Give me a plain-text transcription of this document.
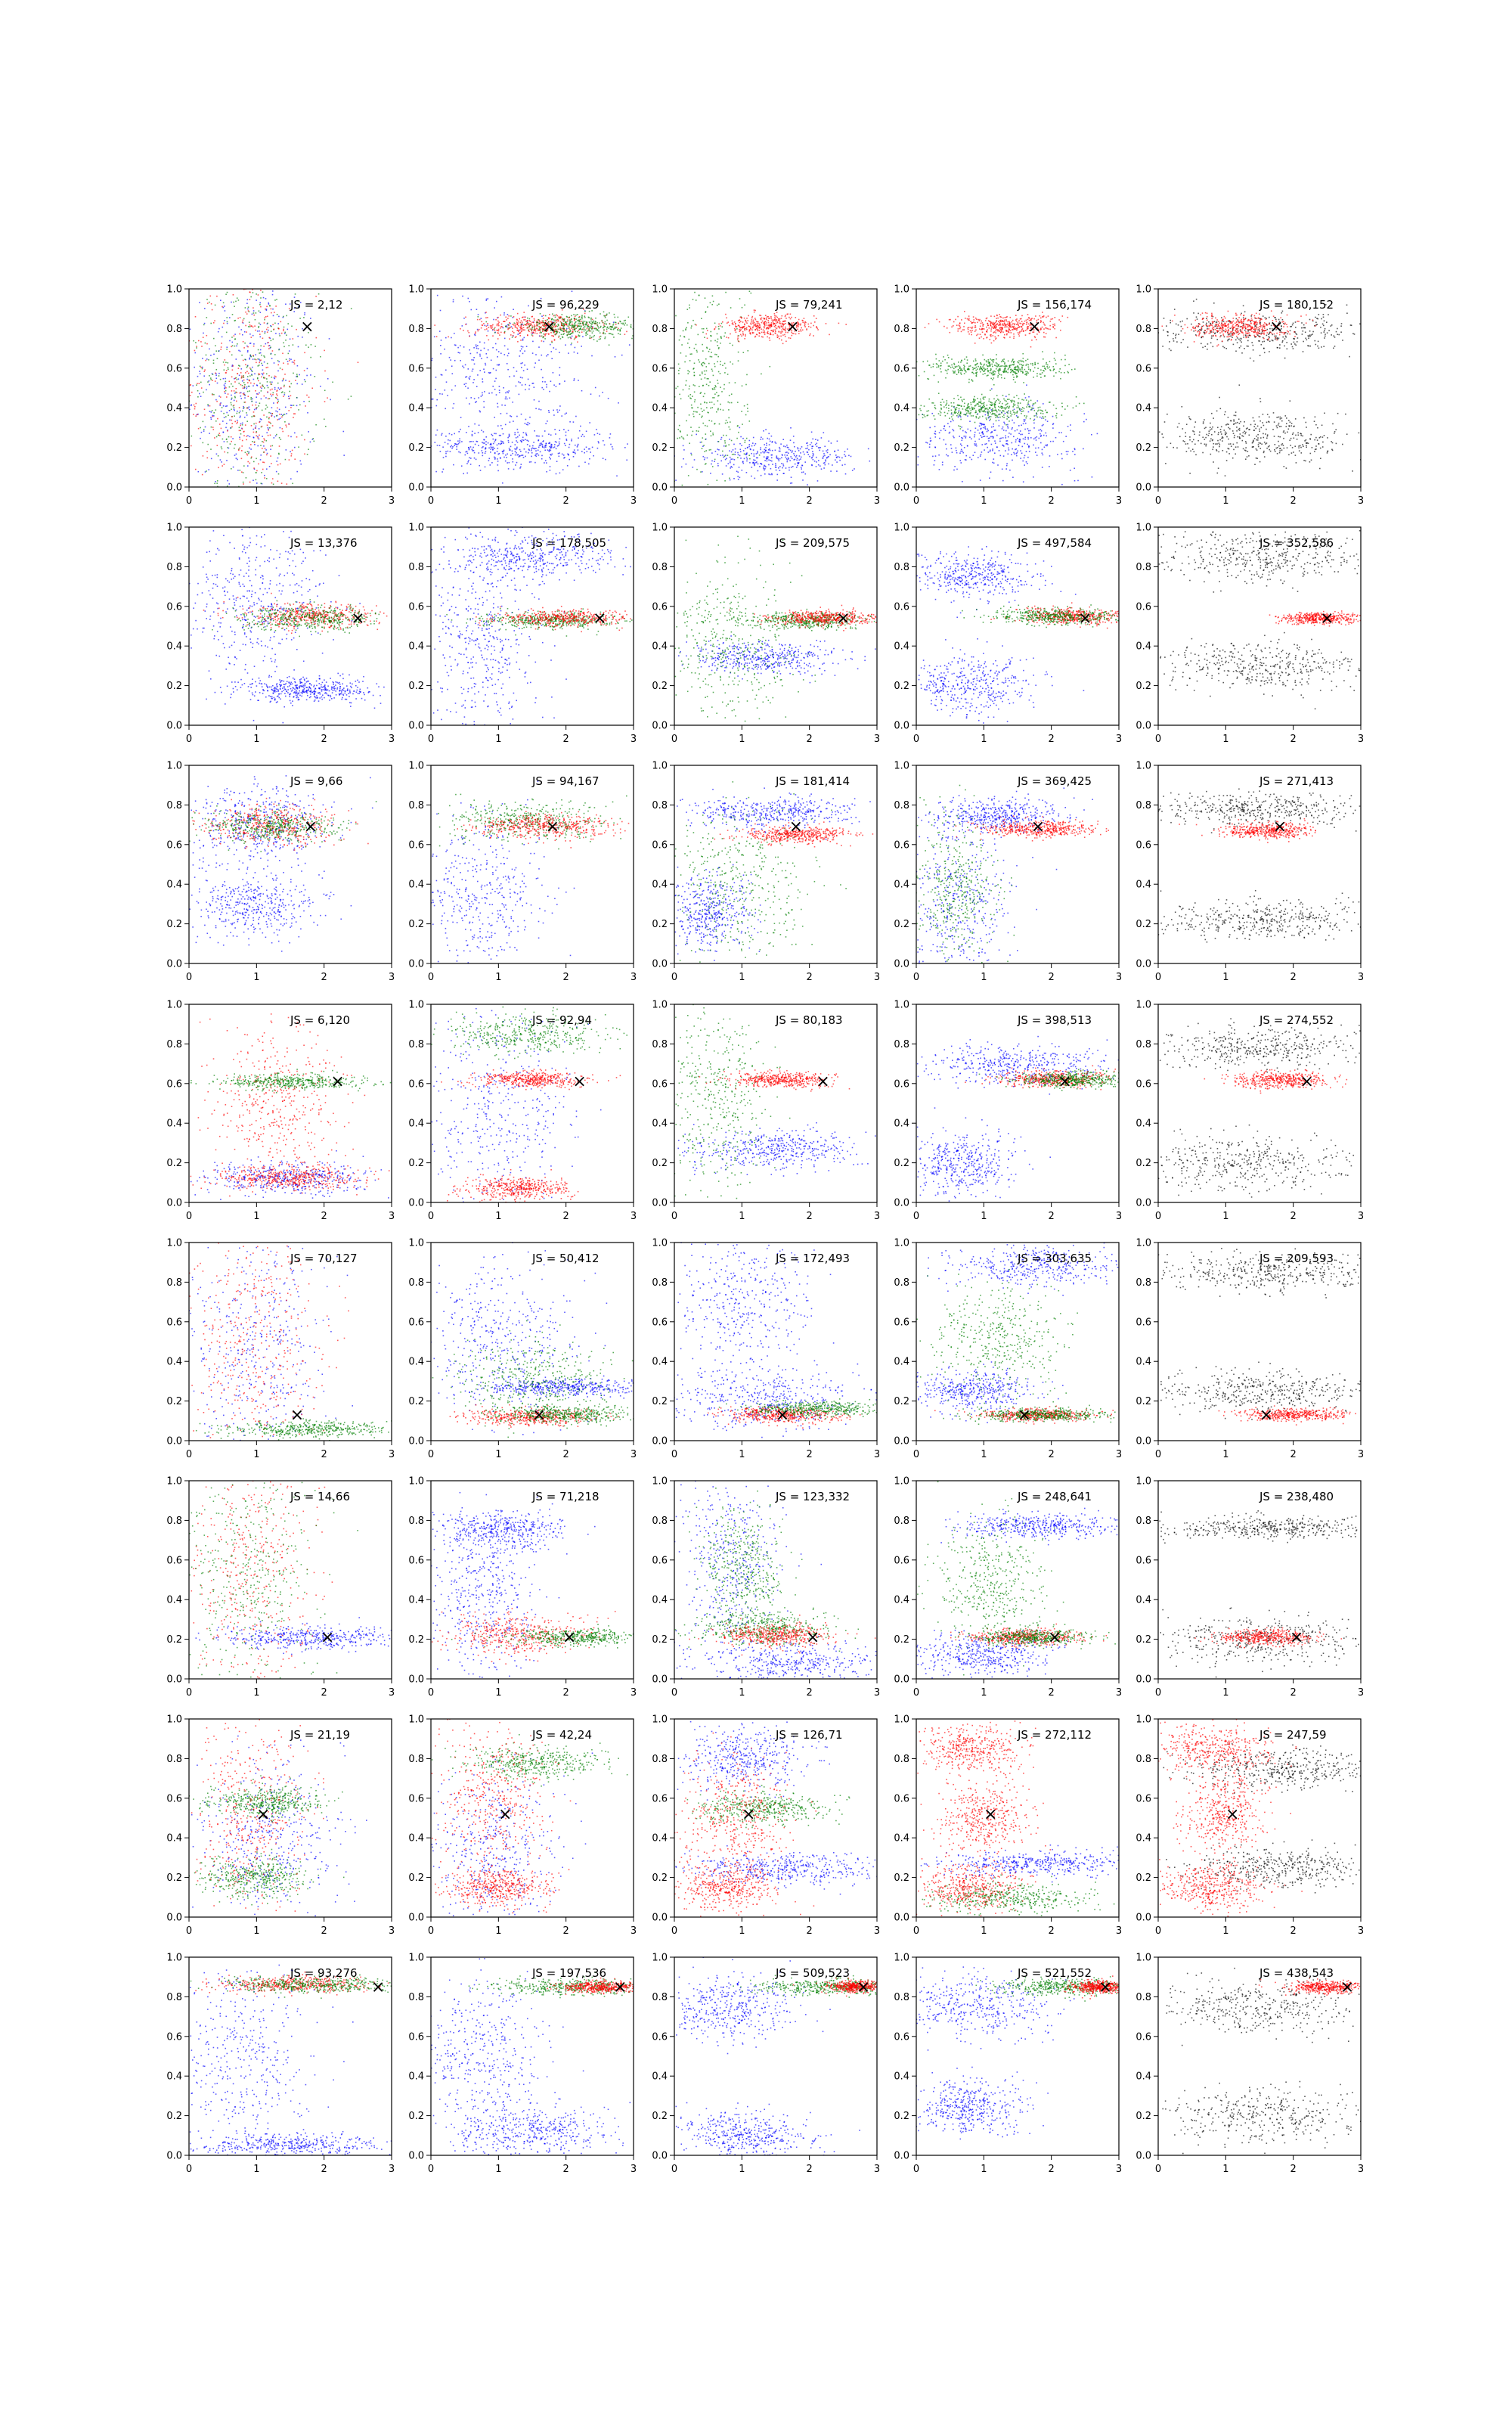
0	1	2	3
0.0
0.2
0.4
0.6
0.8
1.0
×
JS = 2,12
0	1	2	3
0.0
0.2
0.4
0.6
0.8
1.0
×
JS = 96,229
0	1	2	3
0.0
0.2
0.4
0.6
0.8
1.0
×
JS = 79,241
0	1	2	3
0.0
0.2
0.4
0.6
0.8
1.0
×
JS = 156,174
0	1	2	3
0.0
0.2
0.4
0.6
0.8
1.0
×
JS = 180,152
0	1	2	3
0.0
0.2
0.4
0.6
0.8
1.0
×
JS = 13,376
0	1	2	3
0.0
0.2
0.4
0.6
0.8
1.0
×
JS = 178,505
0	1	2	3
0.0
0.2
0.4
0.6
0.8
1.0
×
JS = 209,575
0	1	2	3
0.0
0.2
0.4
0.6
0.8
1.0
×
JS = 497,584
0	1	2	3
0.0
0.2
0.4
0.6
0.8
1.0
×
JS = 352,586
0	1	2	3
0.0
0.2
0.4
0.6
0.8
1.0
×
JS = 9,66
0	1	2	3
0.0
0.2
0.4
0.6
0.8
1.0
×
JS = 94,167
0	1	2	3
0.0
0.2
0.4
0.6
0.8
1.0
×
JS = 181,414
0	1	2	3
0.0
0.2
0.4
0.6
0.8
1.0
×
JS = 369,425
0	1	2	3
0.0
0.2
0.4
0.6
0.8
1.0
×
JS = 271,413
0	1	2	3
0.0
0.2
0.4
0.6
0.8
1.0
×
JS = 6,120
0	1	2	3
0.0
0.2
0.4
0.6
0.8
1.0
×
JS = 92,94
0	1	2	3
0.0
0.2
0.4
0.6
0.8
1.0
×
JS = 80,183
0	1	2	3
0.0
0.2
0.4
0.6
0.8
1.0
×
JS = 398,513
0	1	2	3
0.0
0.2
0.4
0.6
0.8
1.0
×
JS = 274,552
0	1	2	3
0.0
0.2
0.4
0.6
0.8
1.0
×
JS = 70,127
0	1	2	3
0.0
0.2
0.4
0.6
0.8
1.0
×
JS = 50,412
0	1	2	3
0.0
0.2
0.4
0.6
0.8
1.0
×
JS = 172,493
0	1	2	3
0.0
0.2
0.4
0.6
0.8
1.0
×
JS = 303,635
0	1	2	3
0.0
0.2
0.4
0.6
0.8
1.0
×
JS = 209,593
0	1	2	3
0.0
0.2
0.4
0.6
0.8
1.0
×
JS = 14,66
0	1	2	3
0.0
0.2
0.4
0.6
0.8
1.0
×
JS = 71,218
0	1	2	3
0.0
0.2
0.4
0.6
0.8
1.0
×
JS = 123,332
0	1	2	3
0.0
0.2
0.4
0.6
0.8
1.0
×
JS = 248,641
0	1	2	3
0.0
0.2
0.4
0.6
0.8
1.0
×
JS = 238,480
0	1	2	3
0.0
0.2
0.4
0.6
0.8
1.0
×
JS = 21,19
0	1	2	3
0.0
0.2
0.4
0.6
0.8
1.0
×
JS = 42,24
0	1	2	3
0.0
0.2
0.4
0.6
0.8
1.0
×
JS = 126,71
0	1	2	3
0.0
0.2
0.4
0.6
0.8
1.0
×
JS = 272,112
0	1	2	3
0.0
0.2
0.4
0.6
0.8
1.0
×
JS = 247,59
0	1	2	3
0.0
0.2
0.4
0.6
0.8
1.0
×
JS = 93,276
0	1	2	3
0.0
0.2
0.4
0.6
0.8
1.0
×
JS = 197,536
0	1	2	3
0.0
0.2
0.4
0.6
0.8
1.0
×
JS = 509,523
0	1	2	3
0.0
0.2
0.4
0.6
0.8
1.0
×
JS = 521,552
0	1	2	3
0.0
0.2
0.4
0.6
0.8
1.0
×
JS = 438,543
